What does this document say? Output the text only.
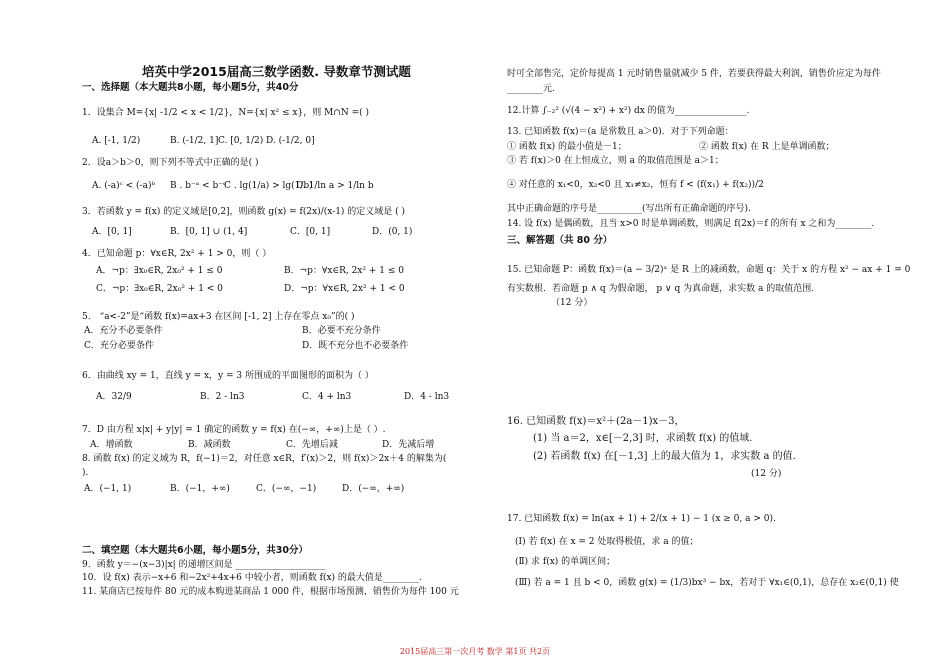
培英中学2015届高三数学函数. 导数章节测试题
一、选择题（本大题共8小题，每小题5分，共40分
1．设集合 M={x| -1/2 < x < 1/2}，N={x| x² ≤ x}，则 M∩N =( )
A. [-1, 1/2)	B. (-1/2, 1] C. [0, 1/2) D. (-1/2, 0]
2．设a＞b＞0，则下列不等式中正确的是( )
A. (-a)ᶜ < (-a)ᵇ B . b⁻ᵃ < b⁻ᶜ
C . lg(1/a) > lg(1/b)
D. 1/ln a > 1/ln b
3．若函数 y = f(x) 的定义域是[0,2]，则函数 g(x) = f(2x)/(x-1) 的定义域是 ( )
A．[0, 1]	B．[0, 1] ∪ (1, 4]	C．[0, 1]	D．(0, 1)
4．已知命题 p：∀x∈R, 2x² + 1 > 0，则（ ）
A．¬p：∃x₀∈R, 2x₀² + 1 ≤ 0	B．¬p：∀x∈R, 2x² + 1 ≤ 0
C．¬p：∃x₀∈R, 2x₀² + 1 < 0	D．¬p：∀x∈R, 2x² + 1 < 0
5． “a<-2”是“函数 f(x)=ax+3 在区间 [-1, 2] 上存在零点 x₀”的( )
A．充分不必要条件	B．必要不充分条件
C．充分必要条件	D．既不充分也不必要条件
6．由曲线 xy = 1，直线 y = x，y = 3 所围成的平面图形的面积为（ ）
A．32/9	B．2 - ln3	C．4 + ln3	D．4 - ln3
7．D 由方程 x|x| + y|y| = 1 确定的函数 y = f(x) 在(−∞，+∞)上是（ ）.
A．增函数	B．减函数	C．先增后减	D．先减后增
8. 函数 f(x) 的定义域为 R，f(−1)＝2，对任意 x∈R，f′(x)＞2，则 f(x)＞2x＋4 的解集为(
).
A．(−1, 1)	B．(−1，+∞)	C．(−∞，−1)	D．(−∞，+∞)
二、填空题（本大题共6小题，每小题5分，共30分）
9．函数 y＝−(x−3)|x| 的递增区间是 ____________________
10．设 f(x) 表示−x+6 和−2x²+4x+6 中较小者，则函数 f(x) 的最大值是________.
11. 某商店已按每件 80 元的成本购进某商品 1 000 件，根据市场预测，销售价为每件 100 元
时可全部售完，定价每提高 1 元时销售量就减少 5 件，若要获得最大利润，销售价应定为每件
________元.
12.计算 ∫₋₂² (√(4 − x²) + x²) dx 的值为________________.
13. 已知函数 f(x)＝(a 是常数且 a＞0)．对于下列命题：
① 函数 f(x) 的最小值是－1；	② 函数 f(x) 在 R 上是单调函数；
③ 若 f(x)＞0 在上恒成立，则 a 的取值范围是 a＞1；
④ 对任意的 x₁<0，x₂<0 且 x₁≠x₂，恒有 f < (f(x₁) + f(x₂))/2
其中正确命题的序号是__________(写出所有正确命题的序号).
14. 设 f(x) 是偶函数，且当 x>0 时是单调函数，则满足 f(2x)＝f 的所有 x 之和为________.
三、解答题（共 80 分）
15. 已知命题 P：函数 f(x)＝(a − 3/2)ˣ 是 R 上的减函数，命题 q：关于 x 的方程 x² − ax + 1 = 0
有实数根．若命题 p ∧ q 为假命题， p ∨ q 为真命题，求实数 a 的取值范围.
（12 分）
16. 已知函数 f(x)＝x²＋(2a－1)x－3，
(1) 当 a＝2，x∈[－2,3] 时，求函数 f(x) 的值域.
(2) 若函数 f(x) 在[－1,3] 上的最大值为 1，求实数 a 的值.
(12 分)
17. 已知函数 f(x) = ln(ax + 1) + 2/(x + 1) − 1 (x ≥ 0, a > 0).
(Ⅰ) 若 f(x) 在 x = 2 处取得极值，求 a 的值；
(Ⅱ) 求 f(x) 的单调区间；
(Ⅲ) 若 a = 1 且 b < 0，函数 g(x) = (1/3)bx³ − bx，若对于 ∀x₁∈(0,1)，总存在 x₂∈(0,1) 使
2015届高三第一次月考 数学 第1页 共2页
